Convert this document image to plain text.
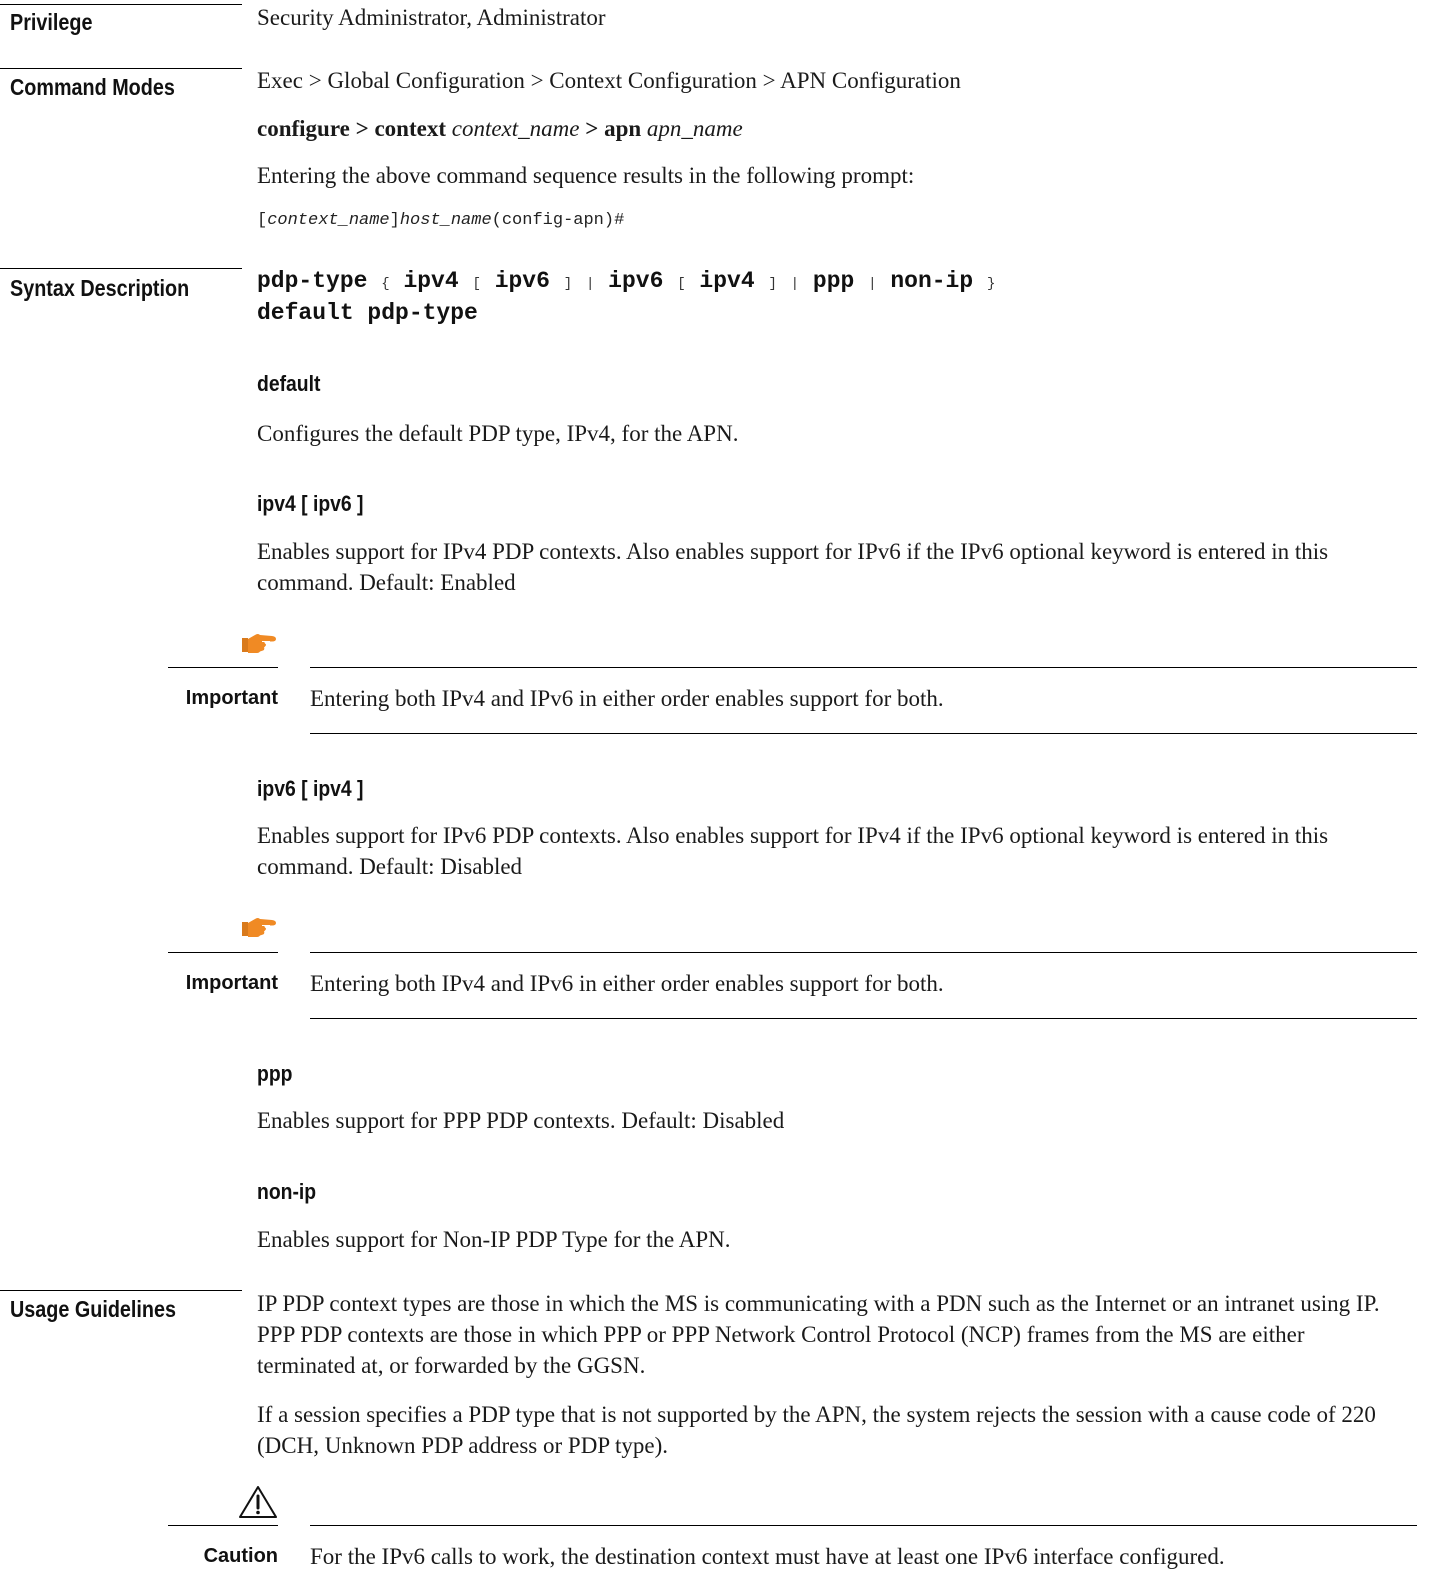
Privilege	Security Administrator, Administrator
Command Modes	Exec > Global Configuration > Context Configuration > APN Configuration
configure > context context_name > apn apn_name
Entering the above command sequence results in the following prompt:
[context_name]host_name(config-apn)#
Syntax Description	pdp-type { ipv4 [ ipv6 ] | ipv6 [ ipv4 ] | ppp | non-ip }
default pdp-type
default
Configures the default PDP type, IPv4, for the APN.
ipv4 [ ipv6 ]
Enables support for IPv4 PDP contexts. Also enables support for IPv6 if the IPv6 optional keyword is entered in this command. Default: Enabled
Important Entering both IPv4 and IPv6 in either order enables support for both.
ipv6 [ ipv4 ]
Enables support for IPv6 PDP contexts. Also enables support for IPv4 if the IPv6 optional keyword is entered in this command. Default: Disabled
Important Entering both IPv4 and IPv6 in either order enables support for both.
ppp
Enables support for PPP PDP contexts. Default: Disabled
non-ip
Enables support for Non-IP PDP Type for the APN.
Usage Guidelines	IP PDP context types are those in which the MS is communicating with a PDN such as the Internet or an intranet using IP. PPP PDP contexts are those in which PPP or PPP Network Control Protocol (NCP) frames from the MS are either terminated at, or forwarded by the GGSN.
If a session specifies a PDP type that is not supported by the APN, the system rejects the session with a cause code of 220 (DCH, Unknown PDP address or PDP type).
Caution For the IPv6 calls to work, the destination context must have at least one IPv6 interface configured.
